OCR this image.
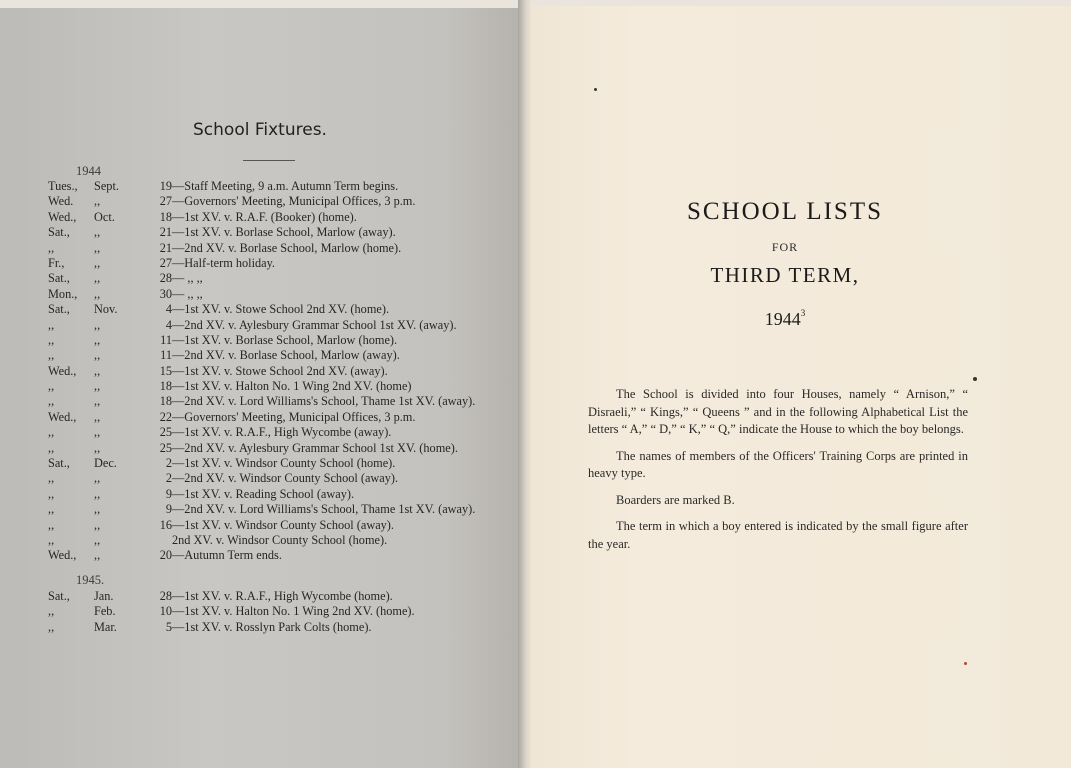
School Fixtures.
1944
Tues.,	Sept.	19 —Staff Meeting, 9 a.m. Autumn Term begins.
Wed.	,,	27 —Governors' Meeting, Municipal Offices, 3 p.m.
Wed.,	Oct.	18 —1st XV. v. R.A.F. (Booker) (home).
Sat.,	,,	21 —1st XV. v. Borlase School, Marlow (away).
,,	,,	21 —2nd XV. v. Borlase School, Marlow (home).
Fr.,	,,	27 —Half-term holiday.
Sat.,	,,	28 — ,, ,,
Mon.,	,,	30 — ,, ,,
Sat.,	Nov.	4 —1st XV. v. Stowe School 2nd XV. (home).
,,	,,	4 —2nd XV. v. Aylesbury Grammar School 1st XV. (away).
,,	,,	11 —1st XV. v. Borlase School, Marlow (home).
,,	,,	11 —2nd XV. v. Borlase School, Marlow (away).
Wed.,	,,	15 —1st XV. v. Stowe School 2nd XV. (away).
,,	,,	18 —1st XV. v. Halton No. 1 Wing 2nd XV. (home)
,,	,,	18 —2nd XV. v. Lord Williams's School, Thame 1st XV. (away).
Wed.,	,,	22 —Governors' Meeting, Municipal Offices, 3 p.m.
,,	,,	25 —1st XV. v. R.A.F., High Wycombe (away).
,,	,,	25 —2nd XV. v. Aylesbury Grammar School 1st XV. (home).
Sat.,	Dec.	2 —1st XV. v. Windsor County School (home).
,,	,,	2 —2nd XV. v. Windsor County School (away).
,,	,,	9 —1st XV. v. Reading School (away).
,,	,,	9 —2nd XV. v. Lord Williams's School, Thame 1st XV. (away).
,,	,,	16 —1st XV. v. Windsor County School (away).
,,	,,	2nd XV. v. Windsor County School (home).
Wed.,	,,	20 —Autumn Term ends.
1945.
Sat.,	Jan.	28 —1st XV. v. R.A.F., High Wycombe (home).
,,	Feb.	10 —1st XV. v. Halton No. 1 Wing 2nd XV. (home).
,,	Mar.	5 —1st XV. v. Rosslyn Park Colts (home).
SCHOOL LISTS
FOR
THIRD TERM,
1944$^3$

The School is divided into four Houses, namely “ Arnison,” “ Disraeli,” “ Kings,” “ Queens ” and in the following Alphabetical List the letters “ A,” “ D,” “ K,” “ Q,” indicate the House to which the boy belongs.

The names of members of the Officers' Training Corps are printed in heavy type.

Boarders are marked B.

The term in which a boy entered is indicated by the small figure after the year.
